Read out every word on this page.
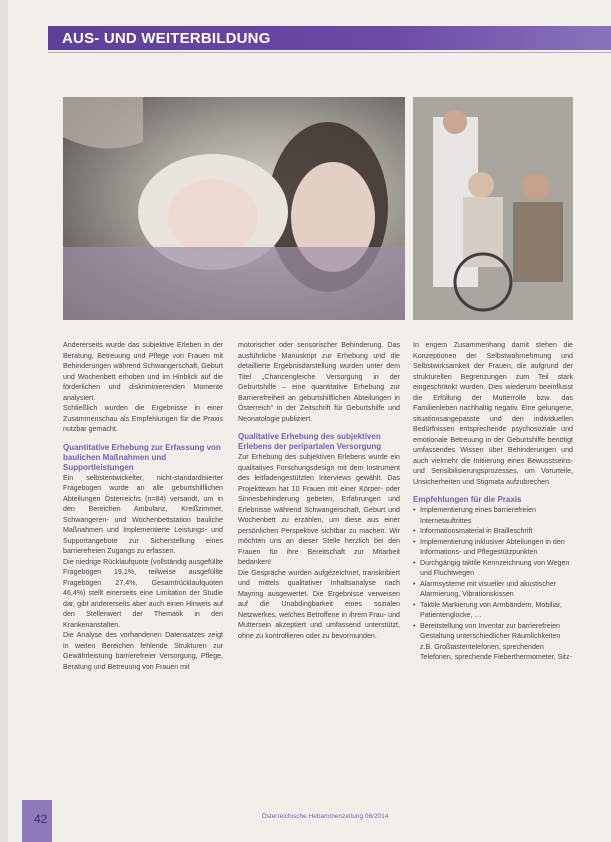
AUS- UND WEITERBILDUNG

Andererseits wurde das subjektive Erleben in der Beratung, Betreuung und Pflege von Frauen mit Behinderungen während Schwangerschaft, Geburt und Wochenbett erhoben und im Hinblick auf die förderlichen und diskriminierenden Momente analysiert.

Schließlich wurden die Ergebnisse in einer Zusammenschau als Empfehlungen für die Praxis nutzbar gemacht.

Quantitative Erhebung zur Erfassung von baulichen Maßnahmen und Supportleistungen

Ein selbstentwickelter, nicht-standardisierter Fragebogen wurde an alle geburtshilflichen Abteilungen Österreichs (n=84) versandt, um in den Bereichen Ambulanz, Kreißzimmer, Schwangeren- und Wochenbettstation bauliche Maßnahmen und Implementierte Leistungs- und Supportangebote zur Sicherstellung eines barrierefreien Zugangs zu erfassen.

Die niedrige Rücklaufquote (vollständig ausgefüllte Fragebögen 19,1%, teilweise ausgefüllte Fragebögen 27,4%, Gesamtrücklaufquoten 46,4%) stellt einerseits eine Limitation der Studie dar, gibt andererseits aber auch einen Hinweis auf den Stellenwert der Thematik in den Krankenanstalten.

Die Analyse des vorhandenen Datensatzes zeigt in weiten Bereichen fehlende Strukturen zur Gewährleistung barrierefreier Versorgung, Pflege, Beratung und Betreuung von Frauen mit

motorischer oder sensorischer Behinderung. Das ausführliche Manuskript zur Erhebung und die detaillierte Ergebnisdarstellung wurden unter dem Titel „Chancengleiche Versorgung in der Geburtshilfe – eine quantitative Erhebung zur Barrierefreiheit an geburtshilflichen Abteilungen in Österreich“ in der Zeitschrift für Geburtshilfe und Neonatologie publiziert.

Qualitative Erhebung des subjektiven Erlebens der peripartalen Versorgung

Zur Erhebung des subjektiven Erlebens wurde ein qualitatives Forschungsdesign mit dem Instrument des leitfadengestützten Interviews gewählt. Das Projektteam hat 10 Frauen mit einer Körper- oder Sinnesbehinderung gebeten, Erfahrungen und Erlebnisse während Schwangerschaft, Geburt und Wochenbett zu erzählen, um diese aus einer persönlichen Perspektive sichtbar zu machen. Wir möchten uns an dieser Stelle herzlich bei den Frauen für ihre Bereitschaft zur Mitarbeit bedanken!

Die Gespräche wurden aufgezeichnet, transkribiert und mittels qualitativer Inhaltsanalyse nach Mayring ausgewertet. Die Ergebnisse verweisen auf die Unabdingbarkeit eines sozialen Netzwerkes, welches Betroffene in ihrem Frau- und Muttersein akzeptiert und umfassend unterstützt, ohne zu kontrollieren oder zu bevormunden.

In engem Zusammenhang damit stehen die Konzeptionen der Selbstwahrnehmung und Selbstwirksamkeit der Frauen, die aufgrund der strukturellen Begrenzungen zum Teil stark eingeschränkt wurden. Dies wiederum beeinflusst die Erfüllung der Mutterrolle bzw. das Familienleben nachhaltig negativ. Eine gelungene, situationsangepasste und den individuellen Bedürfnissen entsprechende psychosoziale und emotionale Betreuung in der Geburtshilfe benötigt umfassendes Wissen über Behinderungen und auch vielmehr die Initiierung eines Bewusstseins- und Sensibilisierungsprozesses, um Vorurteile, Unsicherheiten und Stigmata aufzubrechen.

Empfehlungen für die Praxis
• Implementierung eines barrierefreien Internetauftrittes
• Informationsmaterial in Brailleschrift
• Implementierung inklusiver Abteilungen in den Informations- und Pflegestützpunkten
• Durchgängig taktile Kennzeichnung von Wegen und Fluchtwegen
• Alarmsysteme mit visueller und akustischer Alarmierung, Vibrationskissen
• Taktile Markierung von Armbändern, Mobiliar, Patientenglocke, …
• Bereitstellung von Inventar zur barrierefreien Gestaltung unterschiedlicher Räumlichkeiten z.B. Großtastentelefonen, sprechenden Telefonen, sprechende Fieberthermometer, Sitz-
42	Österreichische Hebammenzeitung 06/2014
